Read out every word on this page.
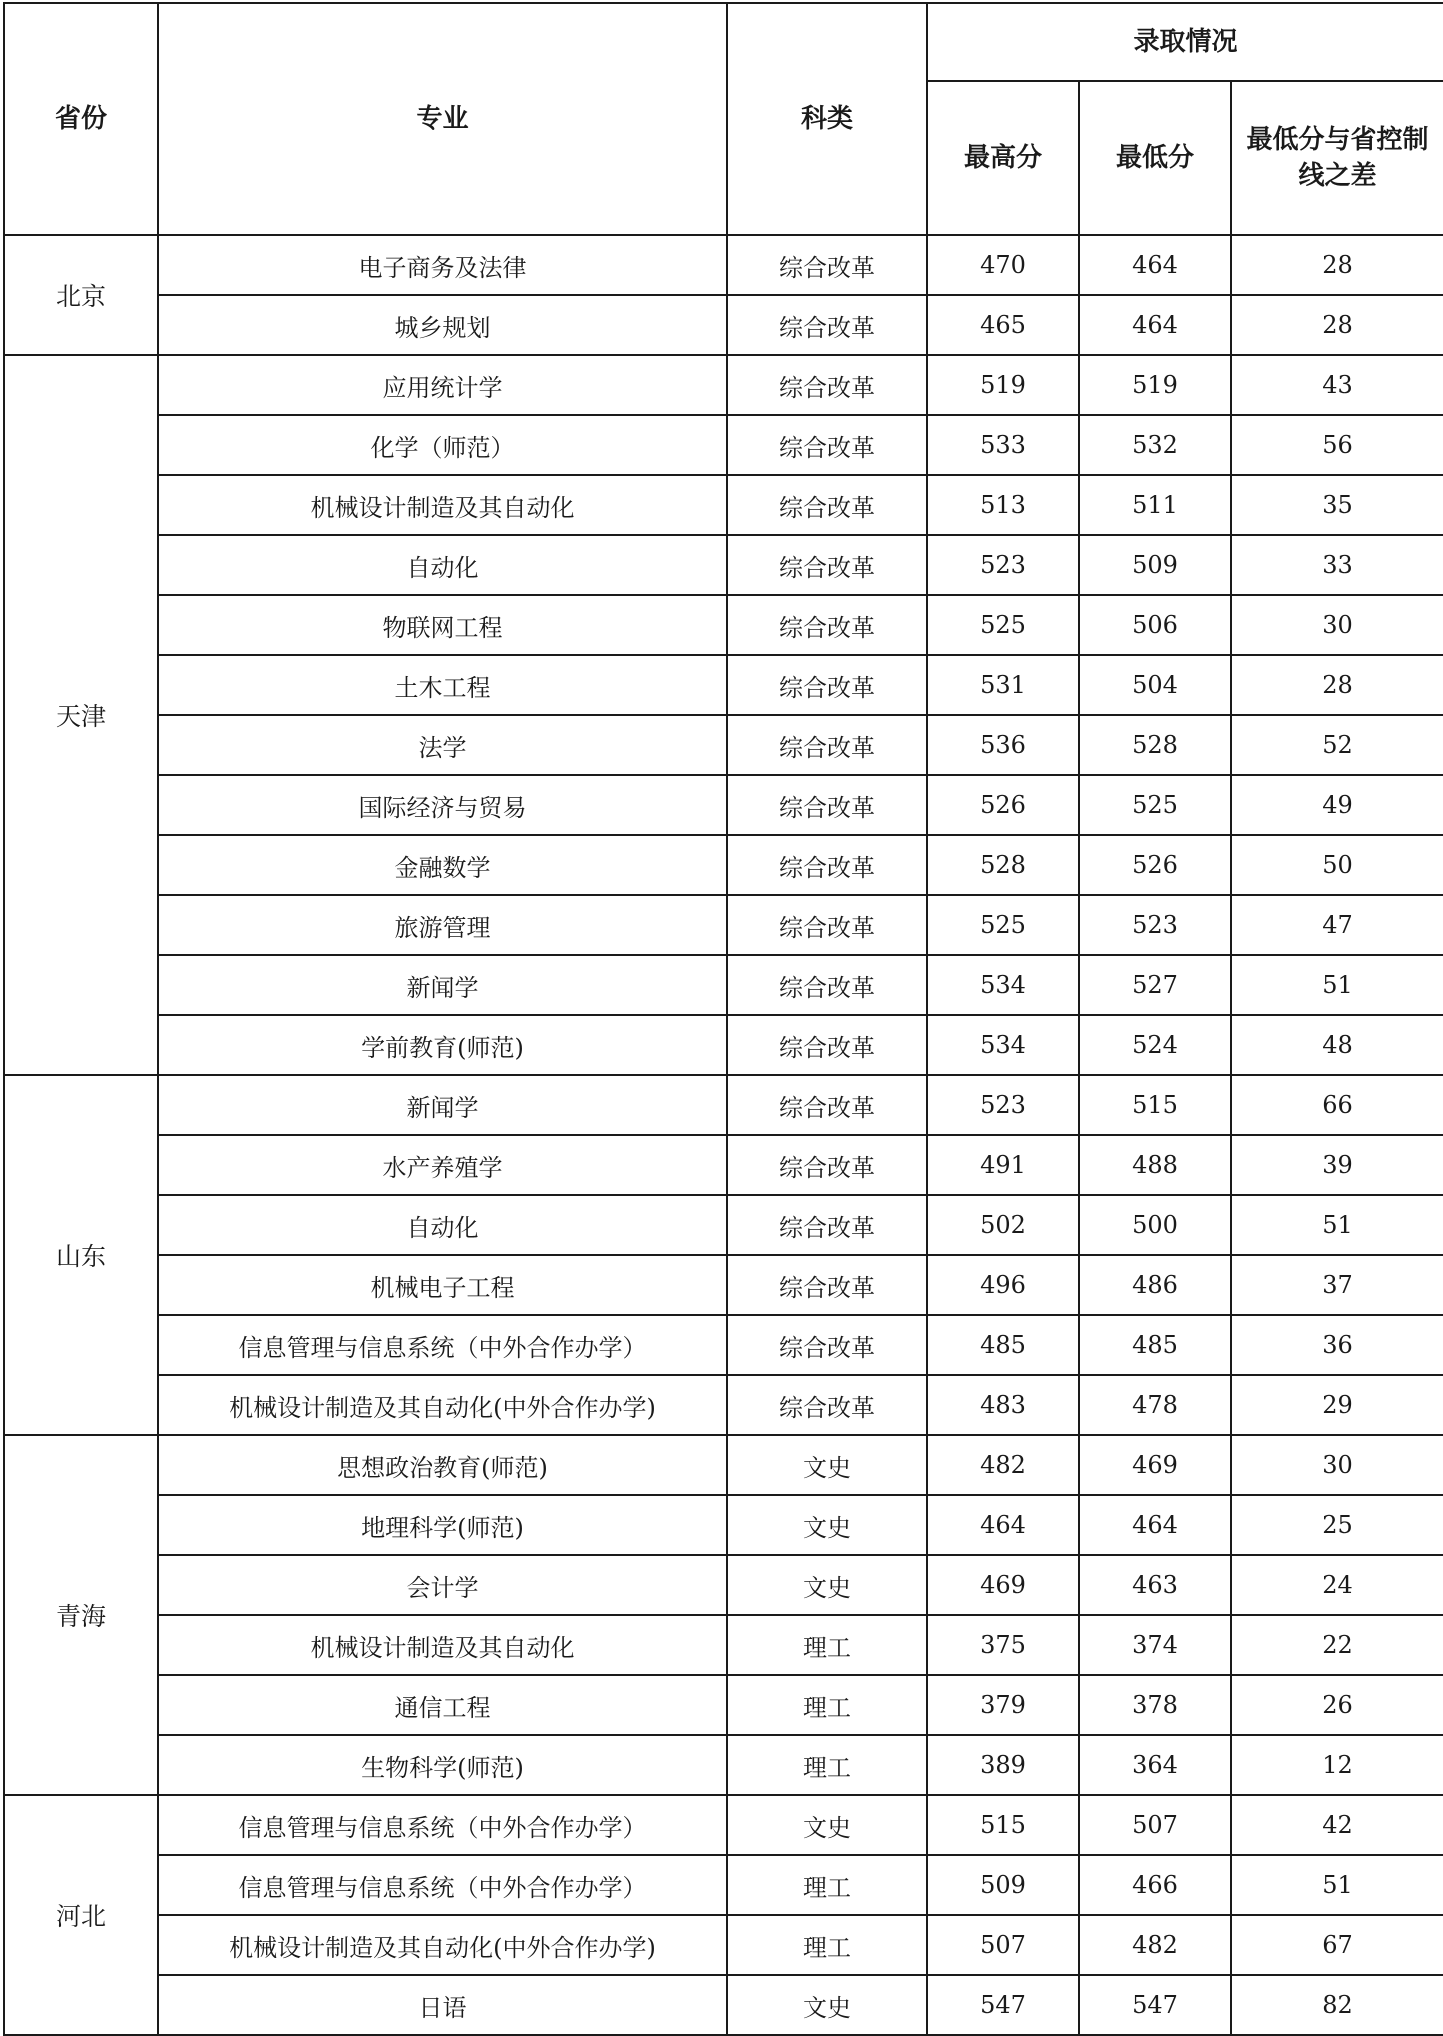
省份	专业	科类	录取情况		
			最高分	最低分	最低分与省控制线之差
北京	电子商务及法律	综合改革	470	464	28
	城乡规划	综合改革	465	464	28
天津	应用统计学	综合改革	519	519	43
	化学（师范）	综合改革	533	532	56
	机械设计制造及其自动化	综合改革	513	511	35
	自动化	综合改革	523	509	33
	物联网工程	综合改革	525	506	30
	土木工程	综合改革	531	504	28
	法学	综合改革	536	528	52
	国际经济与贸易	综合改革	526	525	49
	金融数学	综合改革	528	526	50
	旅游管理	综合改革	525	523	47
	新闻学	综合改革	534	527	51
	学前教育(师范)	综合改革	534	524	48
山东	新闻学	综合改革	523	515	66
	水产养殖学	综合改革	491	488	39
	自动化	综合改革	502	500	51
	机械电子工程	综合改革	496	486	37
	信息管理与信息系统（中外合作办学）	综合改革	485	485	36
	机械设计制造及其自动化(中外合作办学)	综合改革	483	478	29
青海	思想政治教育(师范)	文史	482	469	30
	地理科学(师范)	文史	464	464	25
	会计学	文史	469	463	24
	机械设计制造及其自动化	理工	375	374	22
	通信工程	理工	379	378	26
	生物科学(师范)	理工	389	364	12
河北	信息管理与信息系统（中外合作办学）	文史	515	507	42
	信息管理与信息系统（中外合作办学）	理工	509	466	51
	机械设计制造及其自动化(中外合作办学)	理工	507	482	67
	日语	文史	547	547	82
